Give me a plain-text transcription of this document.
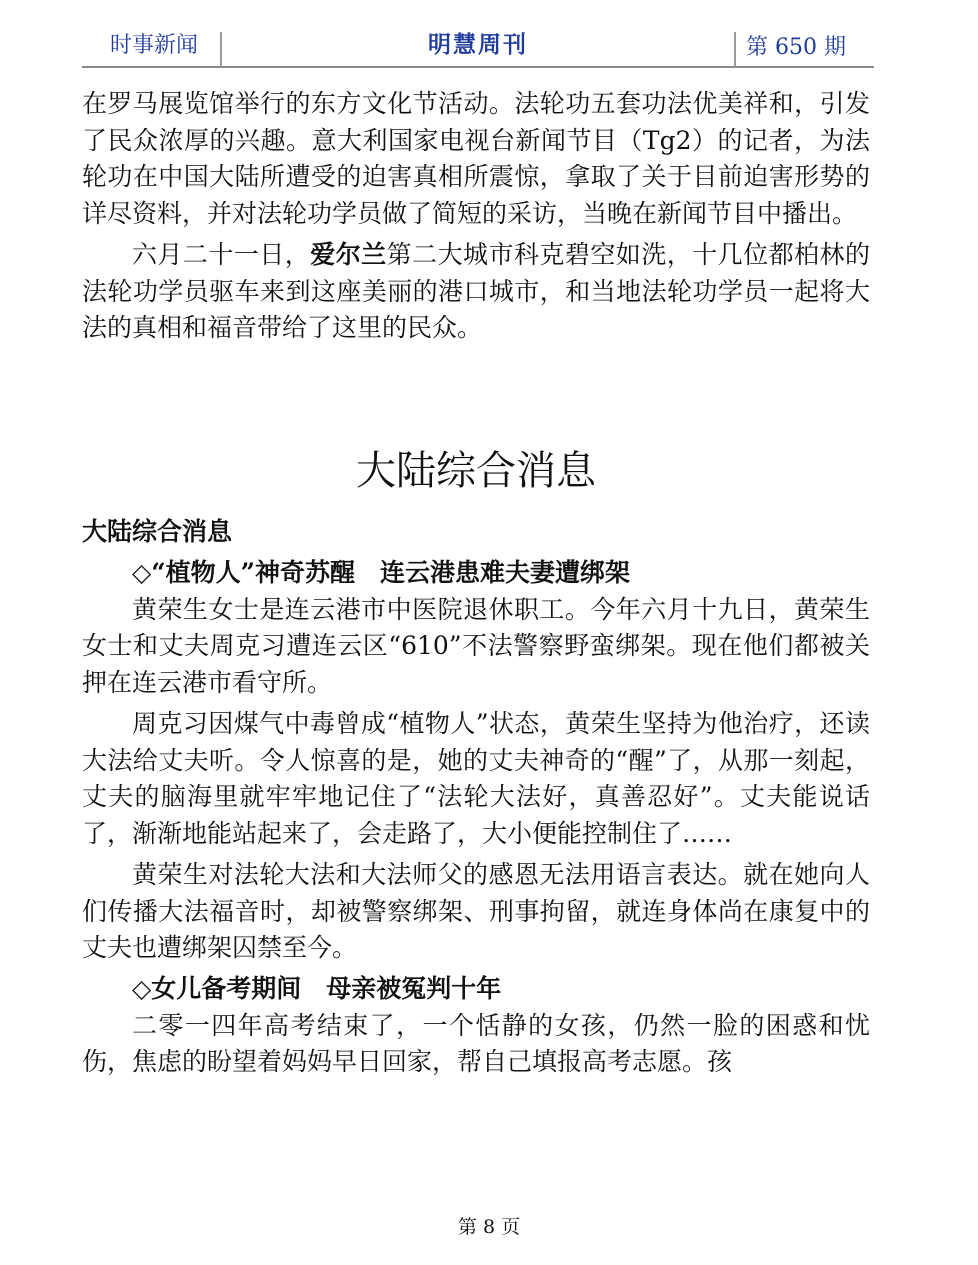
时事新闻	明慧周刊	第 650 期

在罗马展览馆举行的东方文化节活动。法轮功五套功法优美祥和，引发了民众浓厚的兴趣。意大利国家电视台新闻节目（Tg2）的记者，为法轮功在中国大陆所遭受的迫害真相所震惊，拿取了关于目前迫害形势的详尽资料，并对法轮功学员做了简短的采访，当晚在新闻节目中播出。

六月二十一日，爱尔兰第二大城市科克碧空如洗，十几位都柏林的法轮功学员驱车来到这座美丽的港口城市，和当地法轮功学员一起将大法的真相和福音带给了这里的民众。

大陆综合消息
大陆综合消息
◇“植物人”神奇苏醒　连云港患难夫妻遭绑架

黄荣生女士是连云港市中医院退休职工。今年六月十九日，黄荣生女士和丈夫周克习遭连云区“610”不法警察野蛮绑架。现在他们都被关押在连云港市看守所。

周克习因煤气中毒曾成“植物人”状态，黄荣生坚持为他治疗，还读大法给丈夫听。令人惊喜的是，她的丈夫神奇的“醒”了，从那一刻起，丈夫的脑海里就牢牢地记住了“法轮大法好，真善忍好”。丈夫能说话了，渐渐地能站起来了，会走路了，大小便能控制住了……

黄荣生对法轮大法和大法师父的感恩无法用语言表达。就在她向人们传播大法福音时，却被警察绑架、刑事拘留，就连身体尚在康复中的丈夫也遭绑架囚禁至今。

◇女儿备考期间　母亲被冤判十年

二零一四年高考结束了，一个恬静的女孩，仍然一脸的困惑和忧伤，焦虑的盼望着妈妈早日回家，帮自己填报高考志愿。孩

第 8 页
